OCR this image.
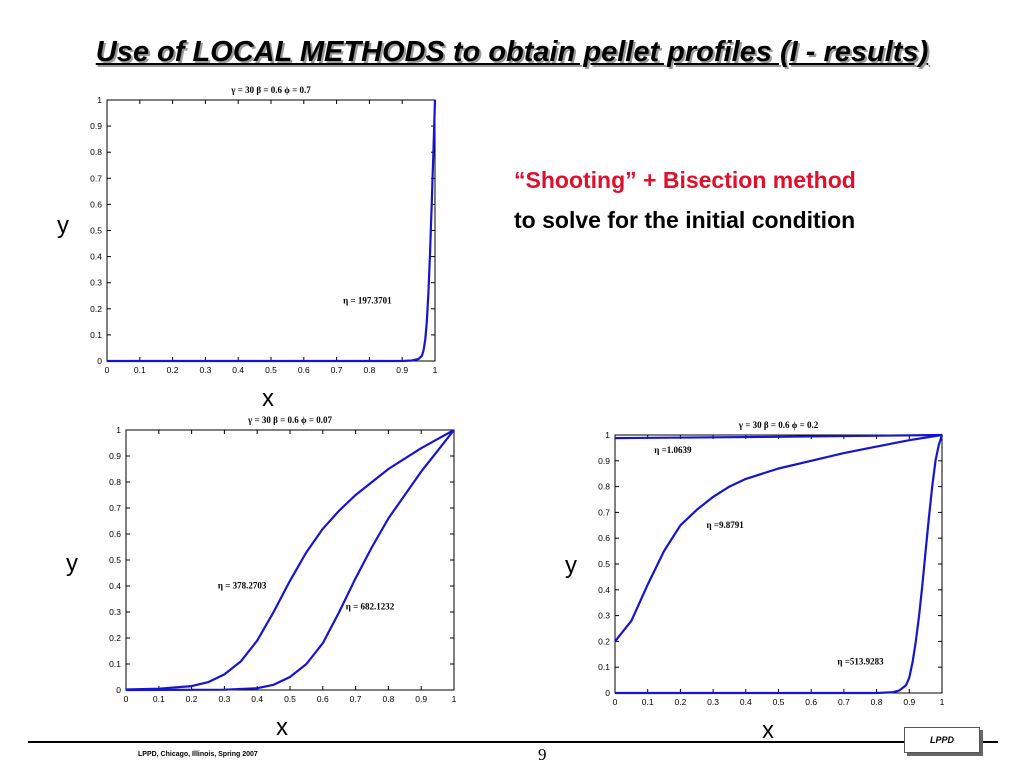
Use of LOCAL METHODS to obtain pellet profiles (I - results)
γ = 30 β = 0.6 ϕ = 0.7
0	0.1 0.2 0.3 0.4 0.5 0.6 0.7 0.8 0.9	1
0
0.1
0.2
0.3
0.4
0.5
0.6
0.7
0.8
0.9
1
η = 197.3701
y
x
γ = 30 β = 0.6 ϕ = 0.07
0	0.1 0.2 0.3 0.4 0.5 0.6 0.7 0.8 0.9	1
0
0.1
0.2
0.3
0.4
0.5
0.6
0.7
0.8
0.9
1
η = 378.2703
η = 682.1232
y
x
γ = 30 β = 0.6 ϕ = 0.2
0	0.1 0.2 0.3 0.4 0.5 0.6 0.7 0.8 0.9	1
0
0.1
0.2
0.3
0.4
0.5
0.6
0.7
0.8
0.9
1
η =1.0639
η =9.8791
η =513.9283
y
x
“Shooting” + Bisection method
to solve for the initial condition
LPPD, Chicago, Illinois, Spring 2007	9
LPPD
